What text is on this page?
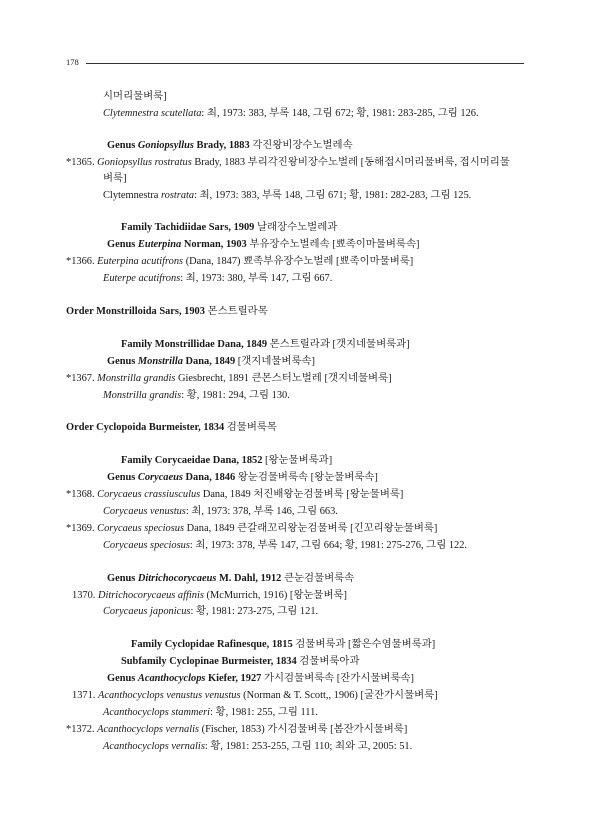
178
시머리물벼룩]
Clytemnestra scutellata: 최, 1973: 383, 부록 148, 그림 672; 황, 1981: 283-285, 그림 126.
Genus Goniopsyllus Brady, 1883 각진왕비장수노벌레속
*1365. Goniopsyllus rostratus Brady, 1883 부리각진왕비장수노벌레 [동해접시머리물벼룩, 접시머리물
벼룩]
Clytemnestra rostrata: 최, 1973: 383, 부록 148, 그림 671; 황, 1981: 282-283, 그림 125.
Family Tachidiidae Sars, 1909 날래장수노벌레과
Genus Euterpina Norman, 1903 부유장수노벌레속 [뾰족이마물벼룩속]
*1366. Euterpina acutifrons (Dana, 1847) 뾰족부유장수노벌레 [뾰족이마물벼룩]
Euterpe acutifrons: 최, 1973: 380, 부록 147, 그림 667.
Order Monstrilloida Sars, 1903 몬스트릴라목
Family Monstrillidae Dana, 1849 몬스트릴라과 [갯지네물벼룩과]
Genus Monstrilla Dana, 1849 [갯지네물벼룩속]
*1367. Monstrilla grandis Giesbrecht, 1891 큰몬스터노벌레 [갯지네물벼룩]
Monstrilla grandis: 황, 1981: 294, 그림 130.
Order Cyclopoida Burmeister, 1834 검물벼룩목
Family Corycaeidae Dana, 1852 [왕눈물벼룩과]
Genus Corycaeus Dana, 1846 왕눈검물벼룩속 [왕눈물벼룩속]
*1368. Corycaeus crassiusculus Dana, 1849 처진배왕눈검물벼룩 [왕눈물벼룩]
Corycaeus venustus: 최, 1973: 378, 부록 146, 그림 663.
*1369. Corycaeus speciosus Dana, 1849 큰갈래꼬리왕눈검물벼룩 [긴꼬리왕눈물벼룩]
Corycaeus speciosus: 최, 1973: 378, 부록 147, 그림 664; 황, 1981: 275-276, 그림 122.
Genus Ditrichocorycaeus M. Dahl, 1912 큰눈검물벼룩속
1370. Ditrichocorycaeus affinis (McMurrich, 1916) [왕눈물벼룩]
Corycaeus japonicus: 황, 1981: 273-275, 그림 121.
Family Cyclopidae Rafinesque, 1815 검물벼룩과 [짧은수염물벼룩과]
Subfamily Cyclopinae Burmeister, 1834 검물벼룩아과
Genus Acanthocyclops Kiefer, 1927 가시검물벼룩속 [잔가시물벼룩속]
1371. Acanthocyclops venustus venustus (Norman & T. Scott,, 1906) [굴잔가시물벼룩]
Acanthocyclops stammeri: 황, 1981: 255, 그림 111.
*1372. Acanthocyclops vernalis (Fischer, 1853) 가시검물벼룩 [봄잔가시물벼룩]
Acanthocyclops vernalis: 황, 1981: 253-255, 그림 110; 최와 고, 2005: 51.
